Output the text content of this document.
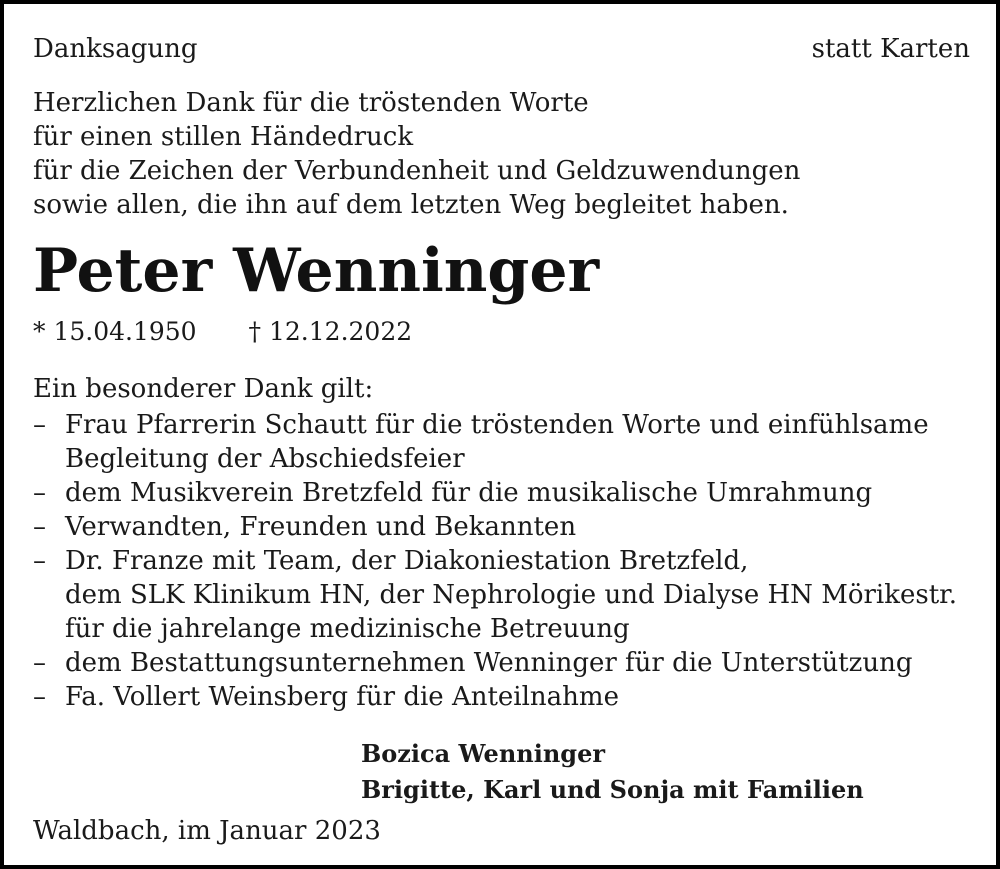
Danksagung	statt Karten
Herzlichen Dank für die tröstenden Worte
für einen stillen Händedruck
für die Zeichen der Verbundenheit und Geldzuwendungen
sowie allen, die ihn auf dem letzten Weg begleitet haben.
Peter Wenninger
* 15.04.1950 † 12.12.2022
Ein besonderer Dank gilt:
– Frau Pfarrerin Schautt für die tröstenden Worte und einfühlsame
Begleitung der Abschiedsfeier
– dem Musikverein Bretzfeld für die musikalische Umrahmung
– Verwandten, Freunden und Bekannten
– Dr. Franze mit Team, der Diakoniestation Bretzfeld,
dem SLK Klinikum HN, der Nephrologie und Dialyse HN Mörikestr.
für die jahrelange medizinische Betreuung
– dem Bestattungsunternehmen Wenninger für die Unterstützung
– Fa. Vollert Weinsberg für die Anteilnahme
Bozica Wenninger
Brigitte, Karl und Sonja mit Familien
Waldbach, im Januar 2023
